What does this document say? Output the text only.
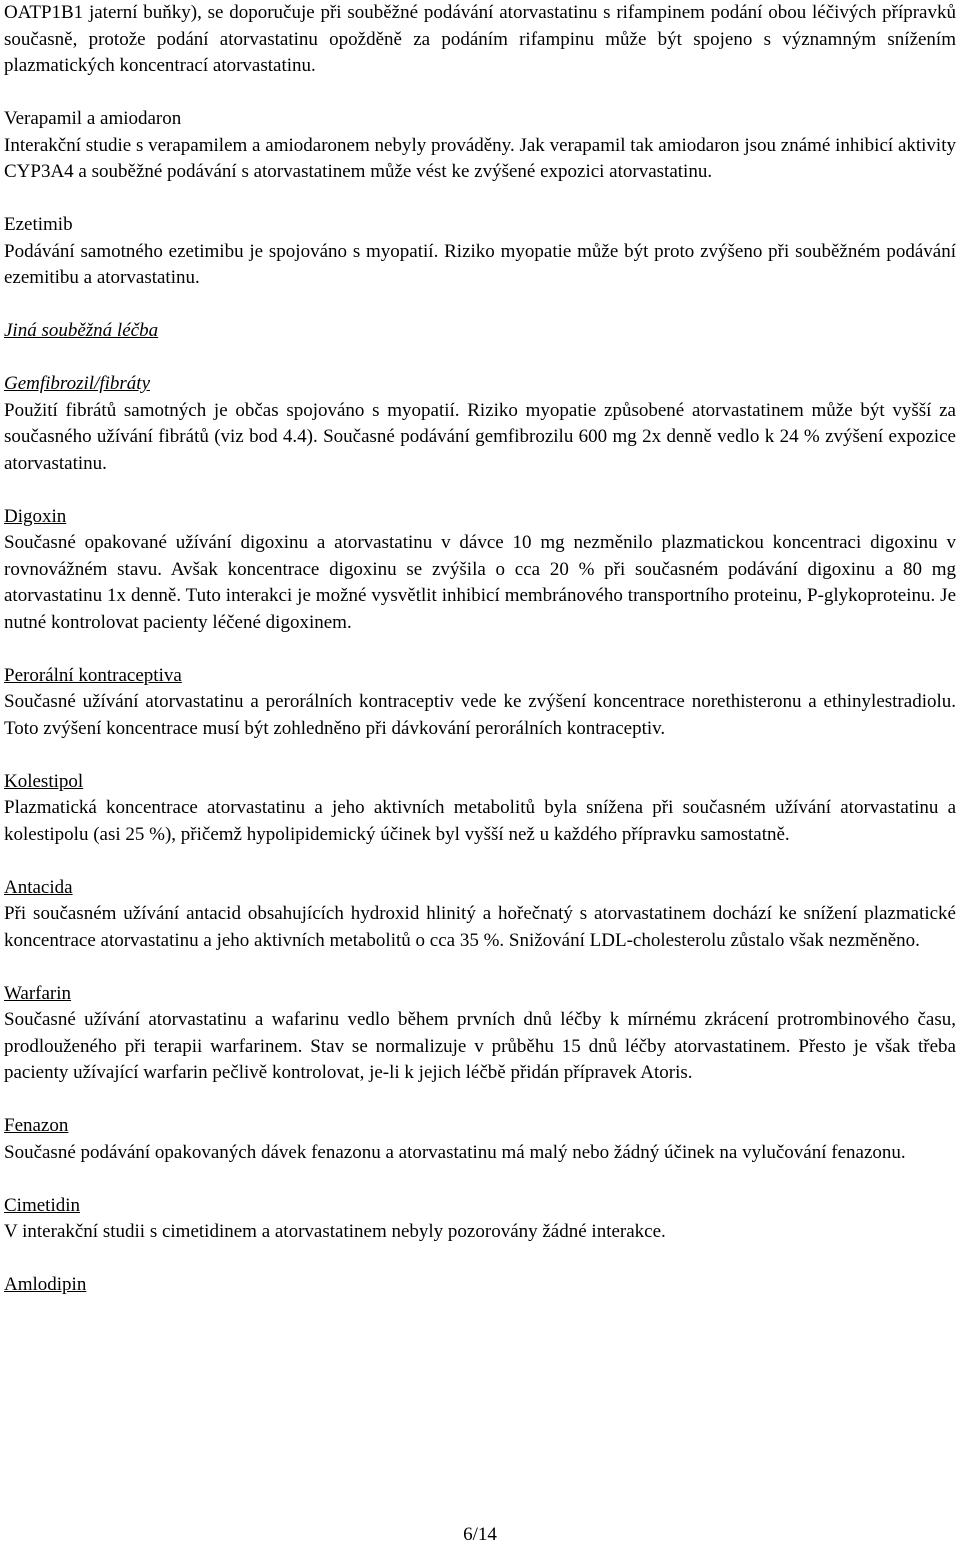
OATP1B1 jaterní buňky), se doporučuje při souběžné podávání atorvastatinu s rifampinem podání obou léčivých přípravků současně, protože podání atorvastatinu opožděně za podáním rifampinu může být spojeno s významným snížením plazmatických koncentrací atorvastatinu.

Verapamil a amiodaron

Interakční studie s verapamilem a amiodaronem nebyly prováděny. Jak verapamil tak amiodaron jsou známé inhibicí aktivity CYP3A4 a souběžné podávání s atorvastatinem může vést ke zvýšené expozici atorvastatinu.

Ezetimib

Podávání samotného ezetimibu je spojováno s myopatií. Riziko myopatie může být proto zvýšeno při souběžném podávání ezemitibu a atorvastatinu.

Jiná souběžná léčba

Gemfibrozil/fibráty

Použití fibrátů samotných je občas spojováno s myopatií. Riziko myopatie způsobené atorvastatinem může být vyšší za současného užívání fibrátů (viz bod 4.4). Současné podávání gemfibrozilu 600 mg 2x denně vedlo k 24 % zvýšení expozice atorvastatinu.

Digoxin

Současné opakované užívání digoxinu a atorvastatinu v dávce 10 mg nezměnilo plazmatickou koncentraci digoxinu v rovnovážném stavu. Avšak koncentrace digoxinu se zvýšila o cca 20 % při současném podávání digoxinu a 80 mg atorvastatinu 1x denně. Tuto interakci je možné vysvětlit inhibicí membránového transportního proteinu, P-glykoproteinu. Je nutné kontrolovat pacienty léčené digoxinem.

Perorální kontraceptiva

Současné užívání atorvastatinu a perorálních kontraceptiv vede ke zvýšení koncentrace norethisteronu a ethinylestradiolu. Toto zvýšení koncentrace musí být zohledněno při dávkování perorálních kontraceptiv.

Kolestipol

Plazmatická koncentrace atorvastatinu a jeho aktivních metabolitů byla snížena při současném užívání atorvastatinu a kolestipolu (asi 25 %), přičemž hypolipidemický účinek byl vyšší než u každého přípravku samostatně.

Antacida

Při současném užívání antacid obsahujících hydroxid hlinitý a hořečnatý s atorvastatinem dochází ke snížení plazmatické koncentrace atorvastatinu a jeho aktivních metabolitů o cca 35 %. Snižování LDL-cholesterolu zůstalo však nezměněno.

Warfarin

Současné užívání atorvastatinu a wafarinu vedlo během prvních dnů léčby k mírnému zkrácení protrombinového času, prodlouženého při terapii warfarinem. Stav se normalizuje v průběhu 15 dnů léčby atorvastatinem. Přesto je však třeba pacienty užívající warfarin pečlivě kontrolovat, je-li k jejich léčbě přidán přípravek Atoris.

Fenazon

Současné podávání opakovaných dávek fenazonu a atorvastatinu má malý nebo žádný účinek na vylučování fenazonu.

Cimetidin

V interakční studii s cimetidinem a atorvastatinem nebyly pozorovány žádné interakce.

Amlodipin

6/14
